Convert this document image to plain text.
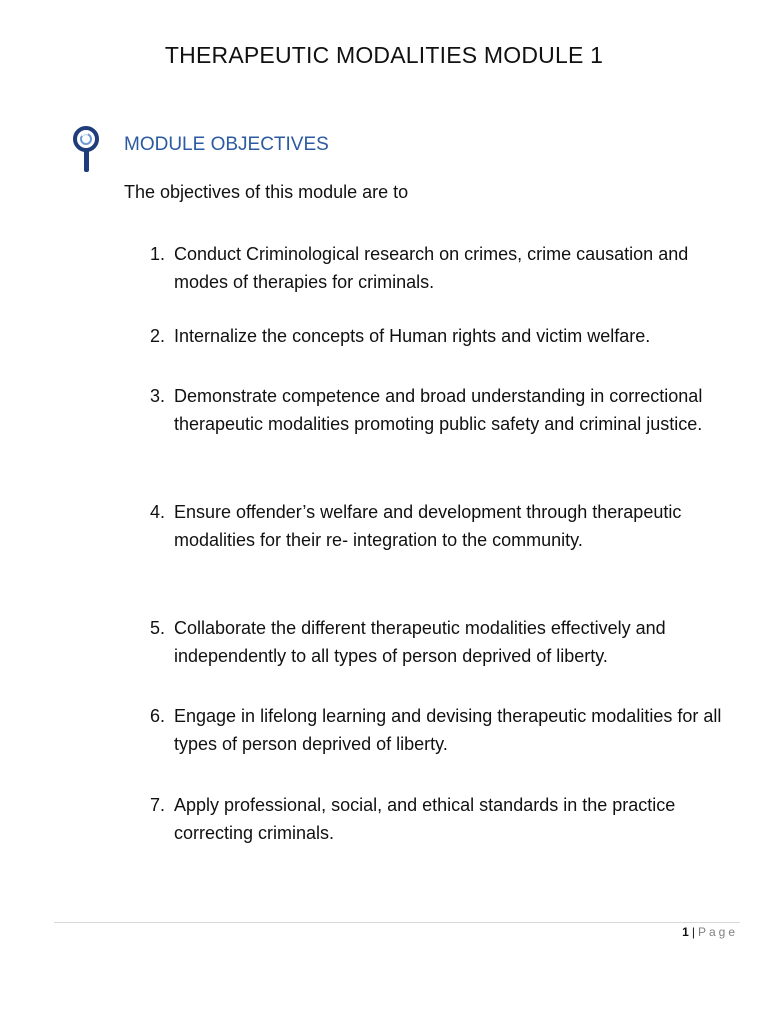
THERAPEUTIC MODALITIES MODULE 1
MODULE OBJECTIVES
The objectives of this module are to
1. Conduct Criminological research on crimes, crime causation and modes of therapies for criminals.
2. Internalize the concepts of Human rights and victim welfare.
3. Demonstrate competence and broad understanding in correctional therapeutic modalities promoting public safety and criminal justice.
4. Ensure offender’s welfare and development through therapeutic modalities for their re- integration to the community.
5. Collaborate the different therapeutic modalities effectively and independently to all types of person deprived of liberty.
6. Engage in lifelong learning and devising therapeutic modalities for all types of person deprived of liberty.
7. Apply professional, social, and ethical standards in the practice correcting criminals.
1 | Page
